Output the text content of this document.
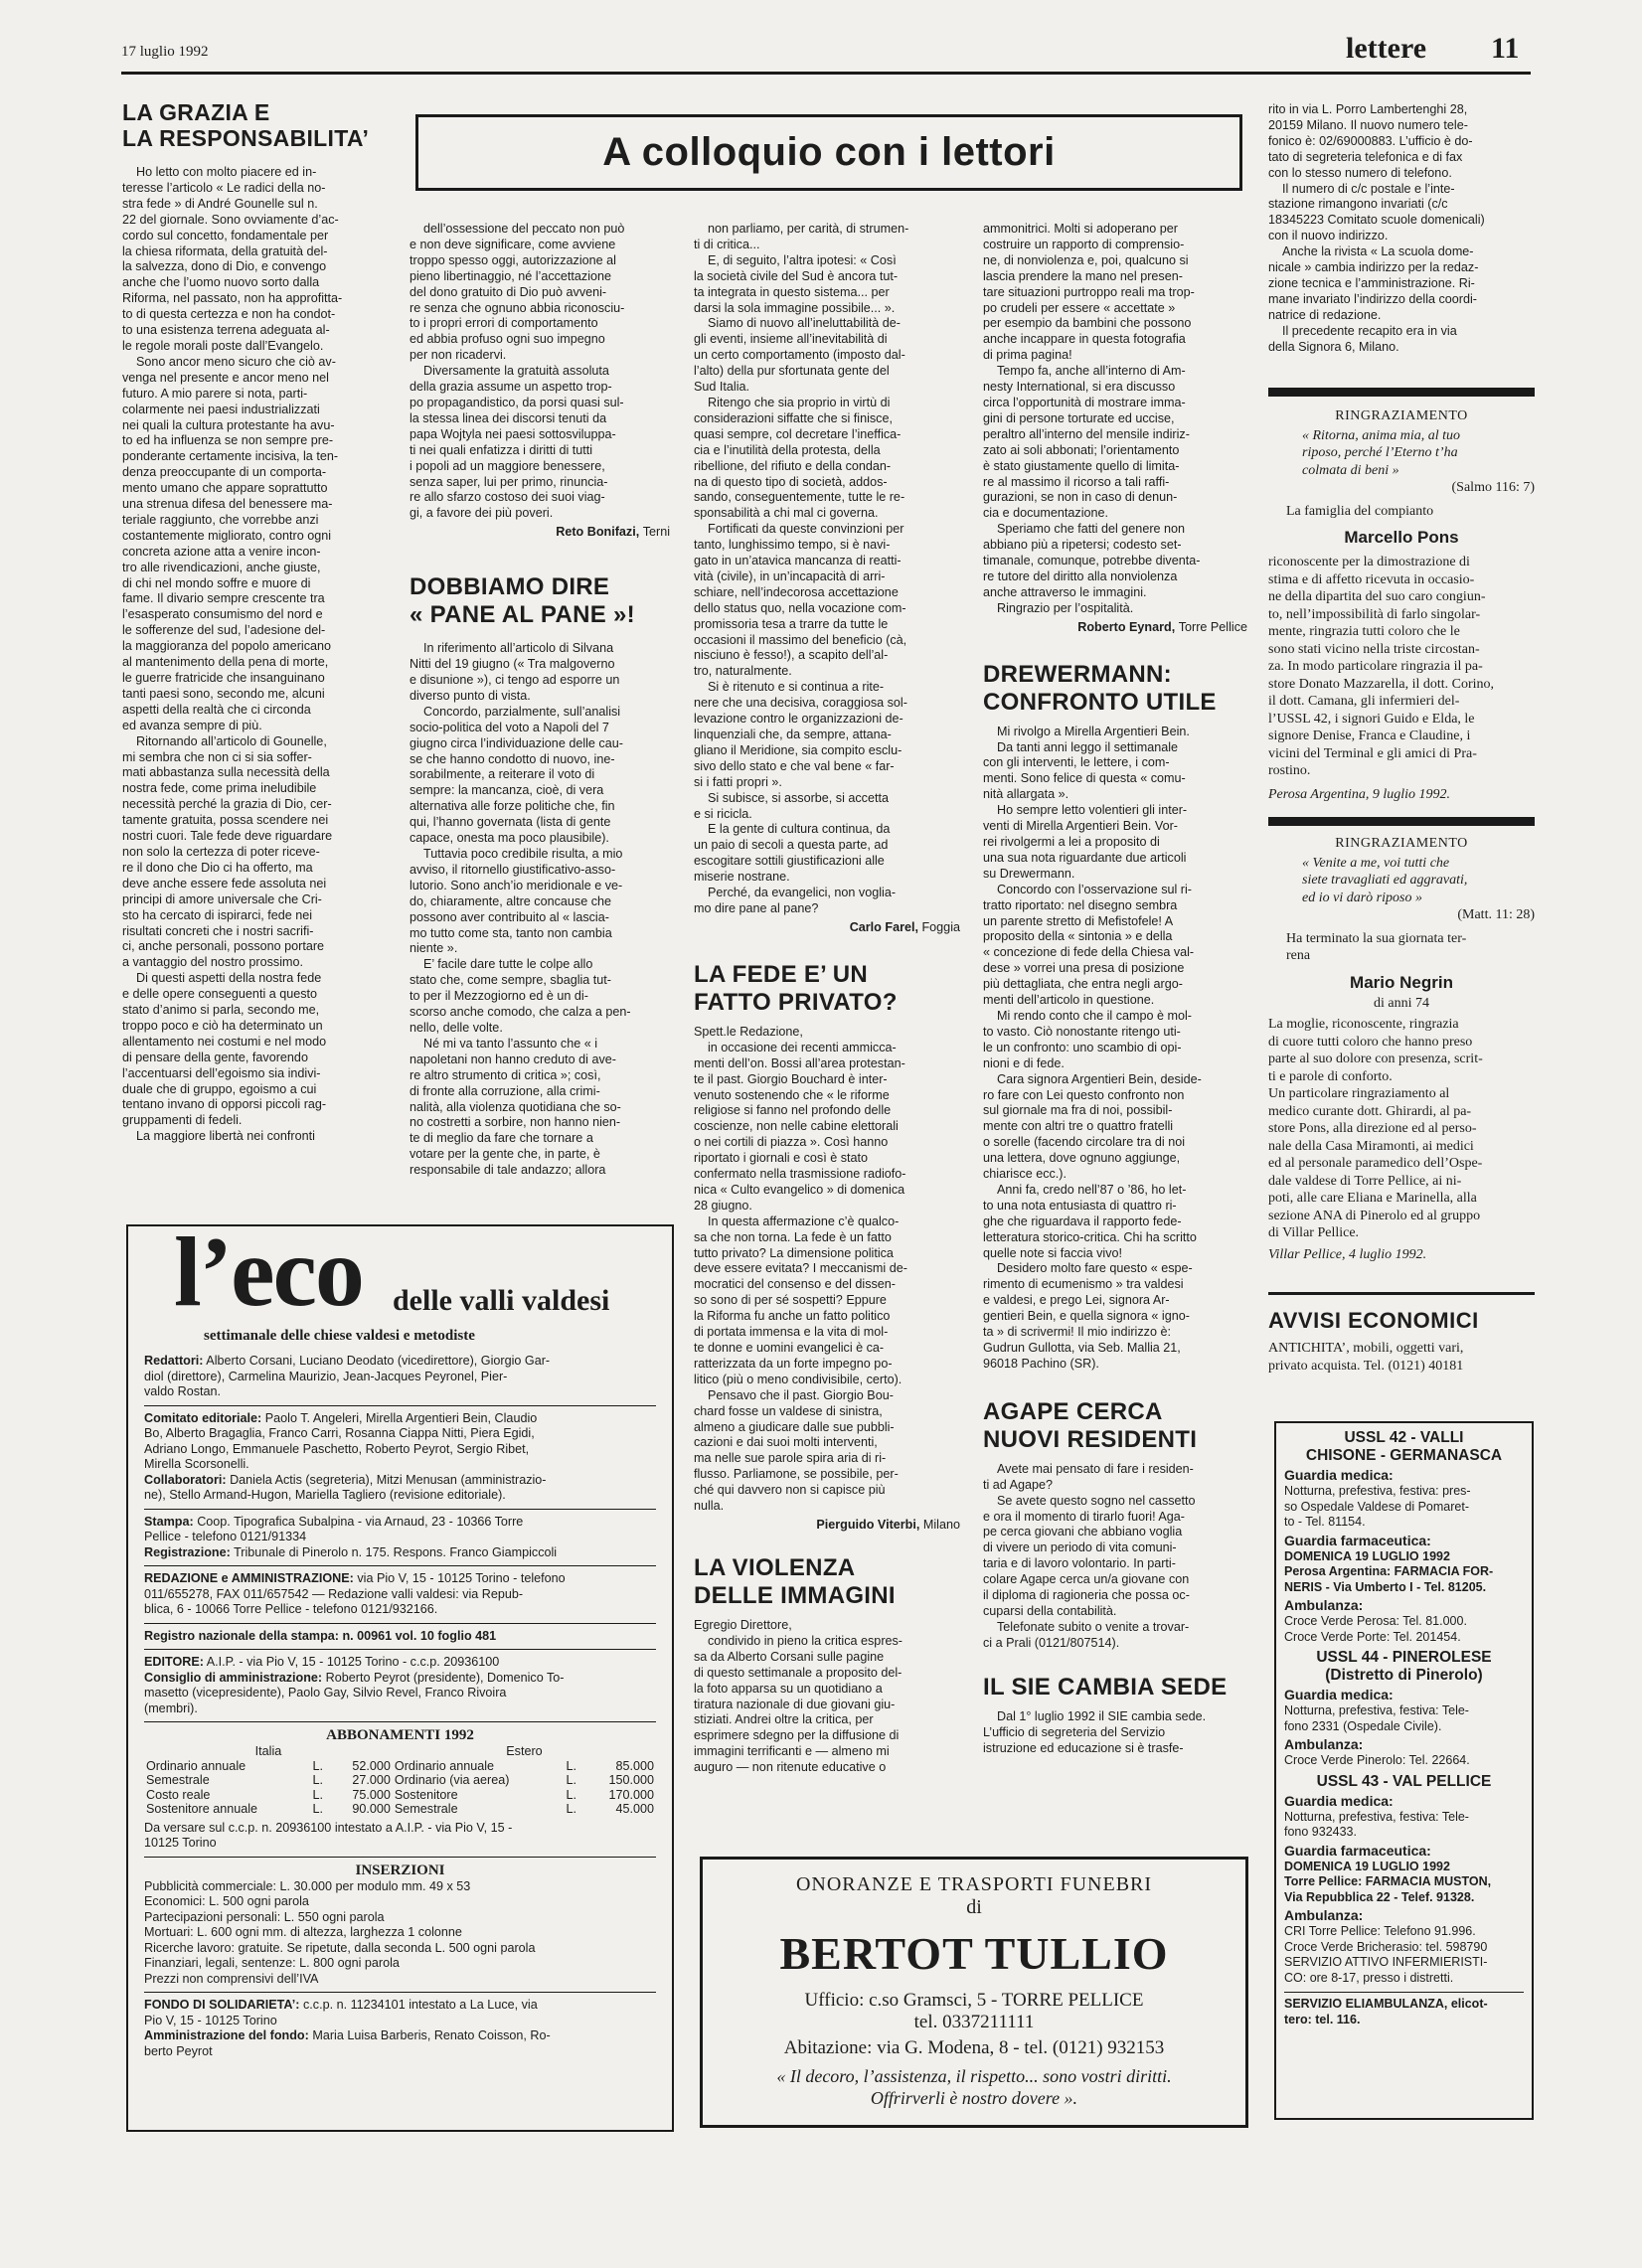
17 luglio 1992	lettere 11
A colloquio con i lettori
LA GRAZIA E
LA RESPONSABILITA’

Ho letto con molto piacere ed in-
teresse l’articolo « Le radici della no-
stra fede » di André Gounelle sul n.
22 del giornale. Sono ovviamente d’ac-
cordo sul concetto, fondamentale per
la chiesa riformata, della gratuità del-
la salvezza, dono di Dio, e convengo
anche che l’uomo nuovo sorto dalla
Riforma, nel passato, non ha approfitta-
to di questa certezza e non ha condot-
to una esistenza terrena adeguata al-
le regole morali poste dall’Evangelo.

Sono ancor meno sicuro che ciò av-
venga nel presente e ancor meno nel
futuro. A mio parere si nota, parti-
colarmente nei paesi industrializzati
nei quali la cultura protestante ha avu-
to ed ha influenza se non sempre pre-
ponderante certamente incisiva, la ten-
denza preoccupante di un comporta-
mento umano che appare soprattutto
una strenua difesa del benessere ma-
teriale raggiunto, che vorrebbe anzi
costantemente migliorato, contro ogni
concreta azione atta a venire incon-
tro alle rivendicazioni, anche giuste,
di chi nel mondo soffre e muore di
fame. Il divario sempre crescente tra
l’esasperato consumismo del nord e
le sofferenze del sud, l’adesione del-
la maggioranza del popolo americano
al mantenimento della pena di morte,
le guerre fratricide che insanguinano
tanti paesi sono, secondo me, alcuni
aspetti della realtà che ci circonda
ed avanza sempre di più.

Ritornando all’articolo di Gounelle,
mi sembra che non ci si sia soffer-
mati abbastanza sulla necessità della
nostra fede, come prima ineludibile
necessità perché la grazia di Dio, cer-
tamente gratuita, possa scendere nei
nostri cuori. Tale fede deve riguardare
non solo la certezza di poter riceve-
re il dono che Dio ci ha offerto, ma
deve anche essere fede assoluta nei
principi di amore universale che Cri-
sto ha cercato di ispirarci, fede nei
risultati concreti che i nostri sacrifi-
ci, anche personali, possono portare
a vantaggio del nostro prossimo.

Di questi aspetti della nostra fede
e delle opere conseguenti a questo
stato d’animo si parla, secondo me,
troppo poco e ciò ha determinato un
allentamento nei costumi e nel modo
di pensare della gente, favorendo
l’accentuarsi dell’egoismo sia indivi-
duale che di gruppo, egoismo a cui
tentano invano di opporsi piccoli rag-
gruppamenti di fedeli.

La maggiore libertà nei confronti

dell’ossessione del peccato non può
e non deve significare, come avviene
troppo spesso oggi, autorizzazione al
pieno libertinaggio, né l’accettazione
del dono gratuito di Dio può avveni-
re senza che ognuno abbia riconosciu-
to i propri errori di comportamento
ed abbia profuso ogni suo impegno
per non ricadervi.

Diversamente la gratuità assoluta
della grazia assume un aspetto trop-
po propagandistico, da porsi quasi sul-
la stessa linea dei discorsi tenuti da
papa Wojtyla nei paesi sottosviluppa-
ti nei quali enfatizza i diritti di tutti
i popoli ad un maggiore benessere,
senza saper, lui per primo, rinuncia-
re allo sfarzo costoso dei suoi viag-
gi, a favore dei più poveri.

Reto Bonifazi, Terni

DOBBIAMO DIRE
« PANE AL PANE »!

In riferimento all’articolo di Silvana
Nitti del 19 giugno (« Tra malgoverno
e disunione »), ci tengo ad esporre un
diverso punto di vista.

Concordo, parzialmente, sull’analisi
socio-politica del voto a Napoli del 7
giugno circa l’individuazione delle cau-
se che hanno condotto di nuovo, ine-
sorabilmente, a reiterare il voto di
sempre: la mancanza, cioè, di vera
alternativa alle forze politiche che, fin
qui, l’hanno governata (lista di gente
capace, onesta ma poco plausibile).

Tuttavia poco credibile risulta, a mio
avviso, il ritornello giustificativo-asso-
lutorio. Sono anch’io meridionale e ve-
do, chiaramente, altre concause che
possono aver contribuito al « lascia-
mo tutto come sta, tanto non cambia
niente ».

E’ facile dare tutte le colpe allo
stato che, come sempre, sbaglia tut-
to per il Mezzogiorno ed è un di-
scorso anche comodo, che calza a pen-
nello, delle volte.

Né mi va tanto l’assunto che « i
napoletani non hanno creduto di ave-
re altro strumento di critica »; così,
di fronte alla corruzione, alla crimi-
nalità, alla violenza quotidiana che so-
no costretti a sorbire, non hanno nien-
te di meglio da fare che tornare a
votare per la gente che, in parte, è
responsabile di tale andazzo; allora

non parliamo, per carità, di strumen-
ti di critica...

E, di seguito, l’altra ipotesi: « Così
la società civile del Sud è ancora tut-
ta integrata in questo sistema... per
darsi la sola immagine possibile... ».

Siamo di nuovo all’ineluttabilità de-
gli eventi, insieme all’inevitabilità di
un certo comportamento (imposto dal-
l’alto) della pur sfortunata gente del
Sud Italia.

Ritengo che sia proprio in virtù di
considerazioni siffatte che si finisce,
quasi sempre, col decretare l’ineffica-
cia e l’inutilità della protesta, della
ribellione, del rifiuto e della condan-
na di questo tipo di società, addos-
sando, conseguentemente, tutte le re-
sponsabilità a chi mal ci governa.

Fortificati da queste convinzioni per
tanto, lunghissimo tempo, si è navi-
gato in un’atavica mancanza di reatti-
vità (civile), in un’incapacità di arri-
schiare, nell’indecorosa accettazione
dello status quo, nella vocazione com-
promissoria tesa a trarre da tutte le
occasioni il massimo del beneficio (cà,
nisciuno è fesso!), a scapito dell’al-
tro, naturalmente.

Si è ritenuto e si continua a rite-
nere che una decisiva, coraggiosa sol-
levazione contro le organizzazioni de-
linquenziali che, da sempre, attana-
gliano il Meridione, sia compito esclu-
sivo dello stato e che val bene « far-
si i fatti propri ».

Si subisce, si assorbe, si accetta
e si ricicla.

E la gente di cultura continua, da
un paio di secoli a questa parte, ad
escogitare sottili giustificazioni alle
miserie nostrane.

Perché, da evangelici, non voglia-
mo dire pane al pane?

Carlo Farel, Foggia

LA FEDE E’ UN
FATTO PRIVATO?

Spett.le Redazione,

in occasione dei recenti ammicca-
menti dell’on. Bossi all’area protestan-
te il past. Giorgio Bouchard è inter-
venuto sostenendo che « le riforme
religiose si fanno nel profondo delle
coscienze, non nelle cabine elettorali
o nei cortili di piazza ». Così hanno
riportato i giornali e così è stato
confermato nella trasmissione radiofo-
nica « Culto evangelico » di domenica
28 giugno.

In questa affermazione c’è qualco-
sa che non torna. La fede è un fatto
tutto privato? La dimensione politica
deve essere evitata? I meccanismi de-
mocratici del consenso e del dissen-
so sono di per sé sospetti? Eppure
la Riforma fu anche un fatto politico
di portata immensa e la vita di mol-
te donne e uomini evangelici è ca-
ratterizzata da un forte impegno po-
litico (più o meno condivisibile, certo).

Pensavo che il past. Giorgio Bou-
chard fosse un valdese di sinistra,
almeno a giudicare dalle sue pubbli-
cazioni e dai suoi molti interventi,
ma nelle sue parole spira aria di ri-
flusso. Parliamone, se possibile, per-
ché qui davvero non si capisce più
nulla.

Pierguido Viterbi, Milano

LA VIOLENZA
DELLE IMMAGINI

Egregio Direttore,

condivido in pieno la critica espres-
sa da Alberto Corsani sulle pagine
di questo settimanale a proposito del-
la foto apparsa su un quotidiano a
tiratura nazionale di due giovani giu-
stiziati. Andrei oltre la critica, per
esprimere sdegno per la diffusione di
immagini terrificanti e — almeno mi
auguro — non ritenute educative o

ammonitrici. Molti si adoperano per
costruire un rapporto di comprensio-
ne, di nonviolenza e, poi, qualcuno si
lascia prendere la mano nel presen-
tare situazioni purtroppo reali ma trop-
po crudeli per essere « accettate »
per esempio da bambini che possono
anche incappare in questa fotografia
di prima pagina!

Tempo fa, anche all’interno di Am-
nesty International, si era discusso
circa l’opportunità di mostrare imma-
gini di persone torturate ed uccise,
peraltro all’interno del mensile indiriz-
zato ai soli abbonati; l’orientamento
è stato giustamente quello di limita-
re al massimo il ricorso a tali raffi-
gurazioni, se non in caso di denun-
cia e documentazione.

Speriamo che fatti del genere non
abbiano più a ripetersi; codesto set-
timanale, comunque, potrebbe diventa-
re tutore del diritto alla nonviolenza
anche attraverso le immagini.

Ringrazio per l’ospitalità.

Roberto Eynard, Torre Pellice

DREWERMANN:
CONFRONTO UTILE

Mi rivolgo a Mirella Argentieri Bein.

Da tanti anni leggo il settimanale
con gli interventi, le lettere, i com-
menti. Sono felice di questa « comu-
nità allargata ».

Ho sempre letto volentieri gli inter-
venti di Mirella Argentieri Bein. Vor-
rei rivolgermi a lei a proposito di
una sua nota riguardante due articoli
su Drewermann.

Concordo con l’osservazione sul ri-
tratto riportato: nel disegno sembra
un parente stretto di Mefistofele! A
proposito della « sintonia » e della
« concezione di fede della Chiesa val-
dese » vorrei una presa di posizione
più dettagliata, che entra negli argo-
menti dell’articolo in questione.

Mi rendo conto che il campo è mol-
to vasto. Ciò nonostante ritengo uti-
le un confronto: uno scambio di opi-
nioni e di fede.

Cara signora Argentieri Bein, deside-
ro fare con Lei questo confronto non
sul giornale ma fra di noi, possibil-
mente con altri tre o quattro fratelli
o sorelle (facendo circolare tra di noi
una lettera, dove ognuno aggiunge,
chiarisce ecc.).

Anni fa, credo nell’87 o ’86, ho let-
to una nota entusiasta di quattro ri-
ghe che riguardava il rapporto fede-
letteratura storico-critica. Chi ha scritto
quelle note si faccia vivo!

Desidero molto fare questo « espe-
rimento di ecumenismo » tra valdesi
e valdesi, e prego Lei, signora Ar-
gentieri Bein, e quella signora « igno-
ta » di scrivermi! Il mio indirizzo è:
Gudrun Gullotta, via Seb. Mallia 21,
96018 Pachino (SR).

AGAPE CERCA
NUOVI RESIDENTI

Avete mai pensato di fare i residen-
ti ad Agape?

Se avete questo sogno nel cassetto
e ora il momento di tirarlo fuori! Aga-
pe cerca giovani che abbiano voglia
di vivere un periodo di vita comuni-
taria e di lavoro volontario. In parti-
colare Agape cerca un/a giovane con
il diploma di ragioneria che possa oc-
cuparsi della contabilità.

Telefonate subito o venite a trovar-
ci a Prali (0121/807514).

IL SIE CAMBIA SEDE

Dal 1° luglio 1992 il SIE cambia sede.
L’ufficio di segreteria del Servizio
istruzione ed educazione si è trasfe-

rito in via L. Porro Lambertenghi 28,
20159 Milano. Il nuovo numero tele-
fonico è: 02/69000883. L’ufficio è do-
tato di segreteria telefonica e di fax
con lo stesso numero di telefono.

Il numero di c/c postale e l’inte-
stazione rimangono invariati (c/c
18345223 Comitato scuole domenicali)
con il nuovo indirizzo.

Anche la rivista « La scuola dome-
nicale » cambia indirizzo per la redaz-
zione tecnica e l’amministrazione. Ri-
mane invariato l’indirizzo della coordi-
natrice di redazione.

Il precedente recapito era in via
della Signora 6, Milano.

RINGRAZIAMENTO

« Ritorna, anima mia, al tuo
riposo, perché l’Eterno t’ha
colmata di beni »

(Salmo 116: 7)

La famiglia del compianto

Marcello Pons

riconoscente per la dimostrazione di
stima e di affetto ricevuta in occasio-
ne della dipartita del suo caro congiun-
to, nell’impossibilità di farlo singolar-
mente, ringrazia tutti coloro che le
sono stati vicino nella triste circostan-
za. In modo particolare ringrazia il pa-
store Donato Mazzarella, il dott. Corino,
il dott. Camana, gli infermieri del-
l’USSL 42, i signori Guido e Elda, le
signore Denise, Franca e Claudine, i
vicini del Terminal e gli amici di Pra-
rostino.

Perosa Argentina, 9 luglio 1992.

RINGRAZIAMENTO

« Venite a me, voi tutti che
siete travagliati ed aggravati,
ed io vi darò riposo »

(Matt. 11: 28)

Ha terminato la sua giornata ter-
rena

Mario Negrin

di anni 74

La moglie, riconoscente, ringrazia
di cuore tutti coloro che hanno preso
parte al suo dolore con presenza, scrit-
ti e parole di conforto.
Un particolare ringraziamento al
medico curante dott. Ghirardi, al pa-
store Pons, alla direzione ed al perso-
nale della Casa Miramonti, ai medici
ed al personale paramedico dell’Ospe-
dale valdese di Torre Pellice, ai ni-
poti, alle care Eliana e Marinella, alla
sezione ANA di Pinerolo ed al gruppo
di Villar Pellice.

Villar Pellice, 4 luglio 1992.

AVVISI ECONOMICI

ANTICHITA’, mobili, oggetti vari,
privato acquista. Tel. (0121) 40181

USSL 42 - VALLI
CHISONE - GERMANASCA

Guardia medica:

Notturna, prefestiva, festiva: pres-
so Ospedale Valdese di Pomaret-
to - Tel. 81154.

Guardia farmaceutica:

DOMENICA 19 LUGLIO 1992
Perosa Argentina: FARMACIA FOR-
NERIS - Via Umberto I - Tel. 81205.

Ambulanza:

Croce Verde Perosa: Tel. 81.000.
Croce Verde Porte: Tel. 201454.

USSL 44 - PINEROLESE
(Distretto di Pinerolo)

Guardia medica:

Notturna, prefestiva, festiva: Tele-
fono 2331 (Ospedale Civile).

Ambulanza:

Croce Verde Pinerolo: Tel. 22664.

USSL 43 - VAL PELLICE

Guardia medica:

Notturna, prefestiva, festiva: Tele-
fono 932433.

Guardia farmaceutica:

DOMENICA 19 LUGLIO 1992
Torre Pellice: FARMACIA MUSTON,
Via Repubblica 22 - Telef. 91328.

Ambulanza:

CRI Torre Pellice: Telefono 91.996.
Croce Verde Bricherasio: tel. 598790
SERVIZIO ATTIVO INFERMIERISTI-
CO: ore 8-17, presso i distretti.

SERVIZIO ELIAMBULANZA, elicot-
tero: tel. 116.

l’eco delle valli valdesi
settimanale delle chiese valdesi e metodiste

Redattori: Alberto Corsani, Luciano Deodato (vicedirettore), Giorgio Gar-
diol (direttore), Carmelina Maurizio, Jean-Jacques Peyronel, Pier-
valdo Rostan.

Comitato editoriale: Paolo T. Angeleri, Mirella Argentieri Bein, Claudio
Bo, Alberto Bragaglia, Franco Carri, Rosanna Ciappa Nitti, Piera Egidi,
Adriano Longo, Emmanuele Paschetto, Roberto Peyrot, Sergio Ribet,
Mirella Scorsonelli.

Collaboratori: Daniela Actis (segreteria), Mitzi Menusan (amministrazio-
ne), Stello Armand-Hugon, Mariella Tagliero (revisione editoriale).

Stampa: Coop. Tipografica Subalpina - via Arnaud, 23 - 10366 Torre
Pellice - telefono 0121/91334

Registrazione: Tribunale di Pinerolo n. 175. Respons. Franco Giampiccoli

REDAZIONE e AMMINISTRAZIONE: via Pio V, 15 - 10125 Torino - telefono
011/655278, FAX 011/657542 — Redazione valli valdesi: via Repub-
blica, 6 - 10066 Torre Pellice - telefono 0121/932166.

Registro nazionale della stampa: n. 00961 vol. 10 foglio 481

EDITORE: A.I.P. - via Pio V, 15 - 10125 Torino - c.c.p. 20936100

Consiglio di amministrazione: Roberto Peyrot (presidente), Domenico To-
masetto (vicepresidente), Paolo Gay, Silvio Revel, Franco Rivoira
(membri).

ABBONAMENTI 1992

Italia			Estero		
Ordinario annuale	L.	52.000	Ordinario annuale	L.	85.000
Semestrale	L.	27.000	Ordinario (via aerea)	L.	150.000
Costo reale	L.	75.000	Sostenitore	L.	170.000
Sostenitore annuale	L.	90.000	Semestrale	L.	45.000

Da versare sul c.c.p. n. 20936100 intestato a A.I.P. - via Pio V, 15 -
10125 Torino

INSERZIONI

Pubblicità commerciale: L. 30.000 per modulo mm. 49 x 53

Economici: L. 500 ogni parola

Partecipazioni personali: L. 550 ogni parola

Mortuari: L. 600 ogni mm. di altezza, larghezza 1 colonne

Ricerche lavoro: gratuite. Se ripetute, dalla seconda L. 500 ogni parola

Finanziari, legali, sentenze: L. 800 ogni parola

Prezzi non comprensivi dell’IVA

FONDO DI SOLIDARIETA’: c.c.p. n. 11234101 intestato a La Luce, via
Pio V, 15 - 10125 Torino

Amministrazione del fondo: Maria Luisa Barberis, Renato Coisson, Ro-
berto Peyrot

ONORANZE E TRASPORTI FUNEBRI

di

BERTOT TULLIO

Ufficio: c.so Gramsci, 5 - TORRE PELLICE

tel. 0337211111

Abitazione: via G. Modena, 8 - tel. (0121) 932153

« Il decoro, l’assistenza, il rispetto... sono vostri diritti.
Offrirverli è nostro dovere ».
